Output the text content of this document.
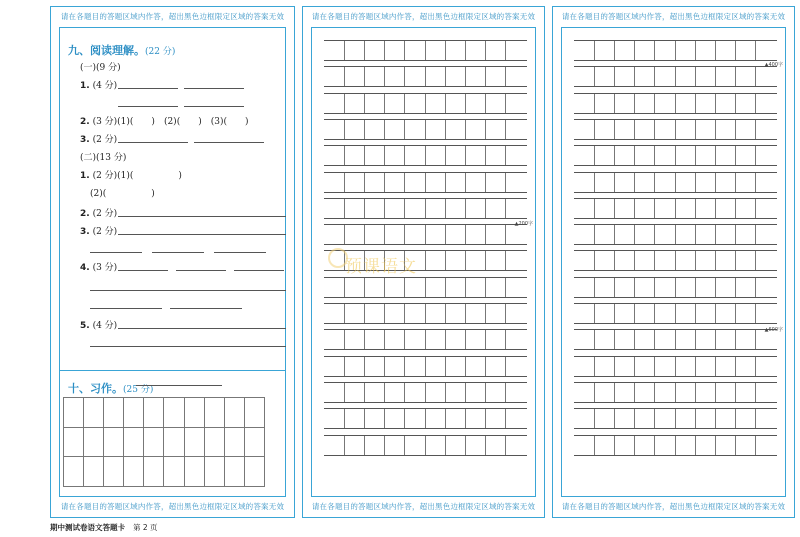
请在各题目的答题区域内作答，超出黑色边框限定区域的答案无效
九、阅读理解。(22 分)
(一)(9 分)
1. (4 分)
2. (3 分)(1)(　　)　(2)(　　)　(3)(　　)
3. (2 分)
(二)(13 分)
1. (2 分)(1)(　　　　　)
(2)(　　　　　)
2. (2 分)
3. (2 分)
4. (3 分)
5. (4 分)
十、习作。(25 分)

请在各题目的答题区域内作答，超出黑色边框限定区域的答案无效
请在各题目的答题区域内作答，超出黑色边框限定区域的答案无效
▲200字
请在各题目的答题区域内作答，超出黑色边框限定区域的答案无效
请在各题目的答题区域内作答，超出黑色边框限定区域的答案无效
▲400字
▲600字
请在各题目的答题区域内作答，超出黑色边框限定区域的答案无效
预课语文
期中测试卷语文答题卡 第 2 页
